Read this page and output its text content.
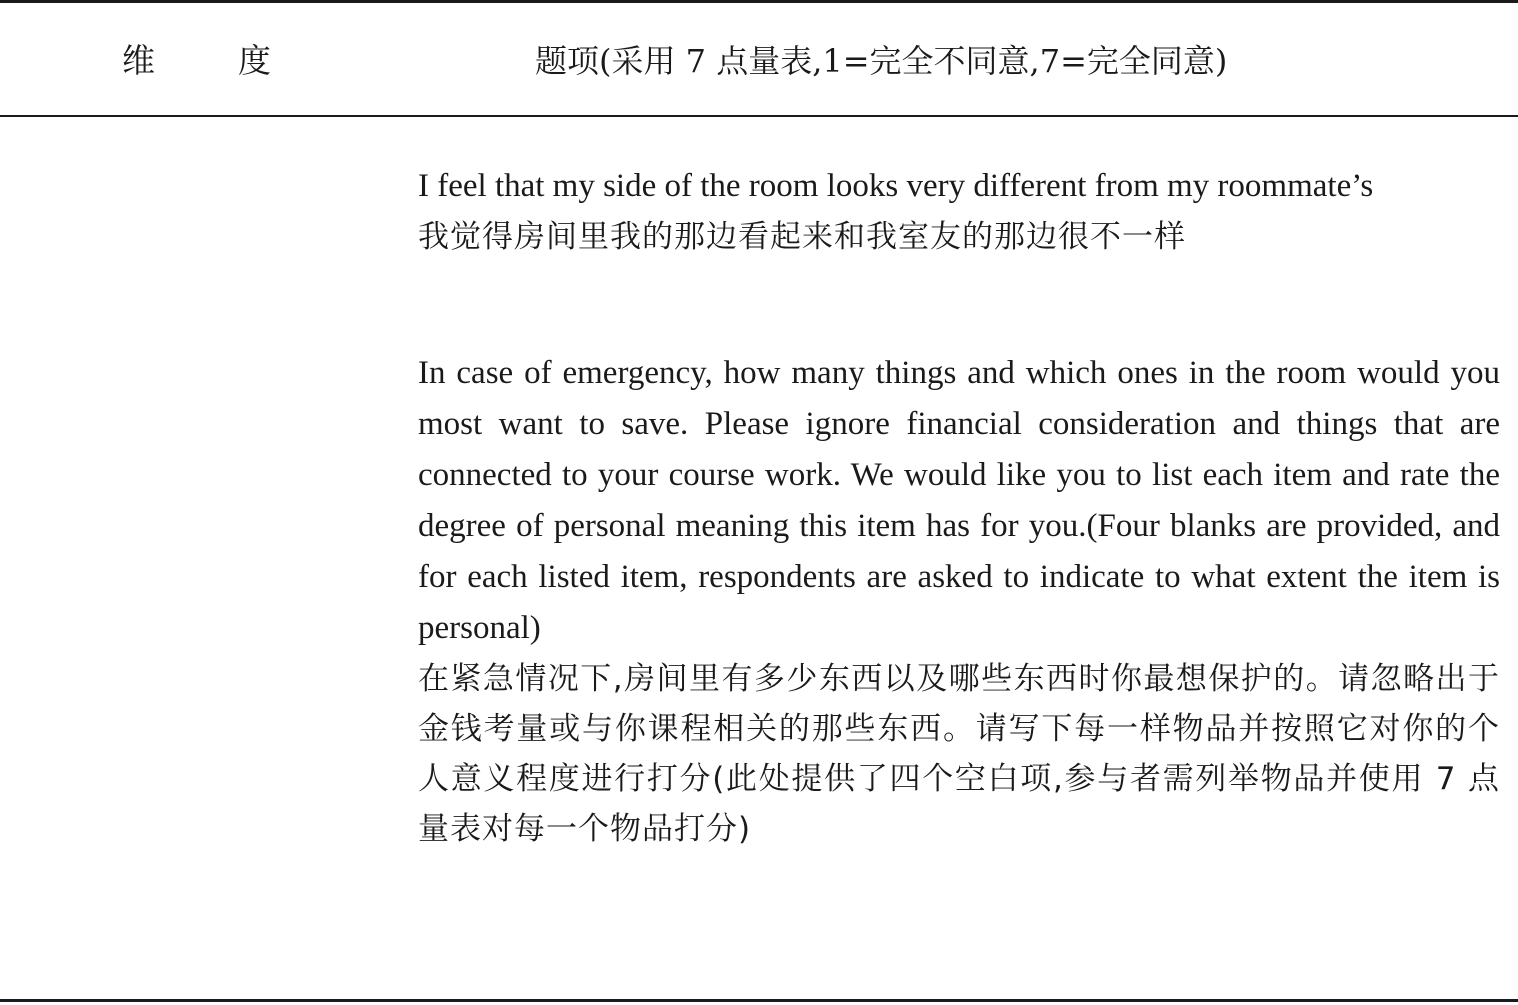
维	度	题项(采用 7 点量表,1=完全不同意,7=完全同意)
I feel that my side of the room looks very different from my roommate’s
我觉得房间里我的那边看起来和我室友的那边很不一样
In case of emergency, how many things and which ones in the room would you most want to save. Please ignore financial consideration and things that are connected to your course work. We would like you to list each item and rate the degree of personal meaning this item has for you.(Four blanks are provided, and for each listed item, respondents are asked to indicate to what extent the item is personal)
在紧急情况下,房间里有多少东西以及哪些东西时你最想保护的。请忽略出于金钱考量或与你课程相关的那些东西。请写下每一样物品并按照它对你的个人意义程度进行打分(此处提供了四个空白项,参与者需列举物品并使用 7 点量表对每一个物品打分)
